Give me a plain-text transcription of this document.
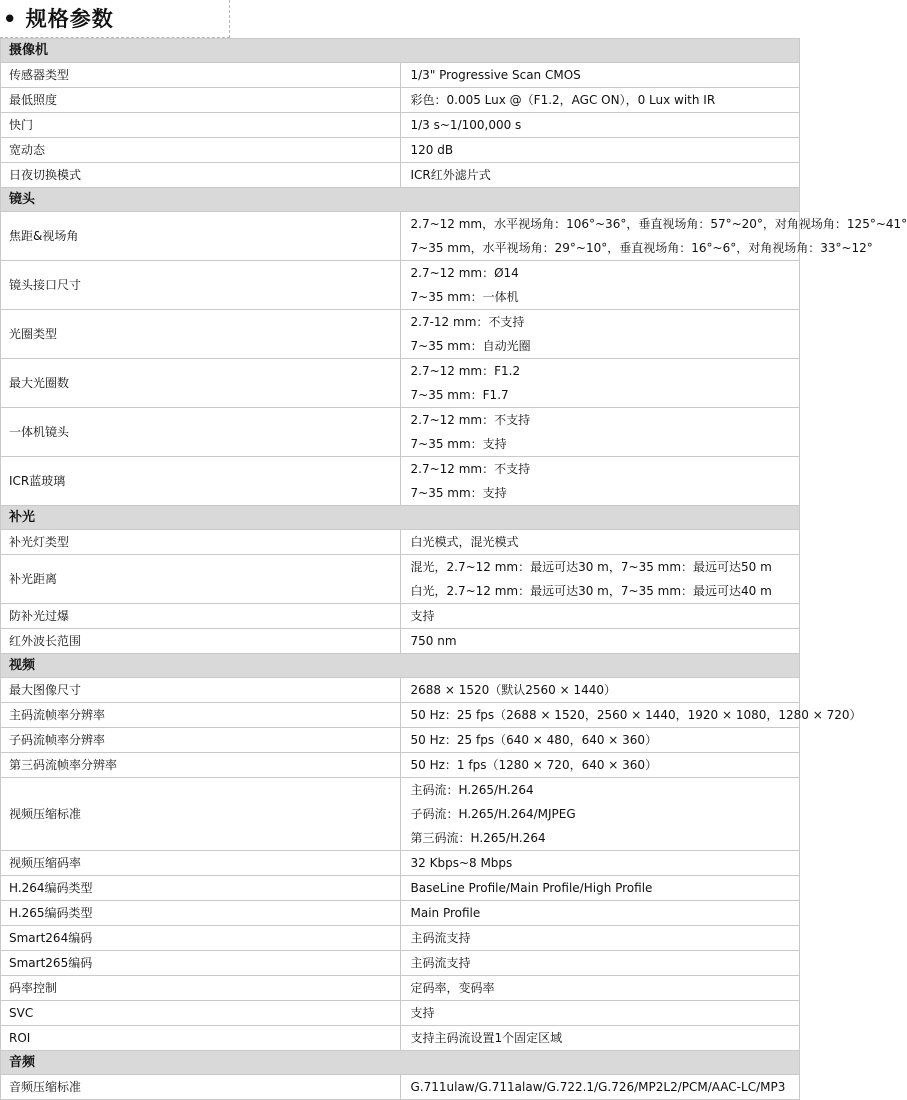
• 规格参数
摄像机	
传感器类型	1/3" Progressive Scan CMOS

最低照度	彩色：0.005 Lux @（F1.2，AGC ON），0 Lux with IR

快门	1/3 s~1/100,000 s

宽动态	120 dB

日夜切换模式	ICR红外滤片式

镜头	
焦距&视场角	2.7~12 mm，水平视场角：106°~36°，垂直视场角：57°~20°，对角视场角：125°~41°
7~35 mm，水平视场角：29°~10°，垂直视场角：16°~6°，对角视场角：33°~12°

镜头接口尺寸	2.7~12 mm：Ø14
7~35 mm：一体机

光圈类型	2.7-12 mm：不支持
7~35 mm：自动光圈

最大光圈数	2.7~12 mm：F1.2
7~35 mm：F1.7

一体机镜头	2.7~12 mm：不支持
7~35 mm：支持

ICR蓝玻璃	2.7~12 mm：不支持
7~35 mm：支持

补光	
补光灯类型	白光模式，混光模式

补光距离	混光，2.7~12 mm：最远可达30 m，7~35 mm：最远可达50 m
白光，2.7~12 mm：最远可达30 m，7~35 mm：最远可达40 m

防补光过爆	支持

红外波长范围	750 nm

视频	
最大图像尺寸	2688 × 1520（默认2560 × 1440）

主码流帧率分辨率	50 Hz：25 fps（2688 × 1520，2560 × 1440，1920 × 1080，1280 × 720）

子码流帧率分辨率	50 Hz：25 fps（640 × 480，640 × 360）

第三码流帧率分辨率	50 Hz：1 fps（1280 × 720，640 × 360）

视频压缩标准	主码流：H.265/H.264
子码流：H.265/H.264/MJPEG
第三码流：H.265/H.264

视频压缩码率	32 Kbps~8 Mbps

H.264编码类型	BaseLine Profile/Main Profile/High Profile

H.265编码类型	Main Profile

Smart264编码	主码流支持

Smart265编码	主码流支持

码率控制	定码率，变码率

SVC	支持

ROI	支持主码流设置1个固定区域

音频	
音频压缩标准	G.711ulaw/G.711alaw/G.722.1/G.726/MP2L2/PCM/AAC-LC/MP3
